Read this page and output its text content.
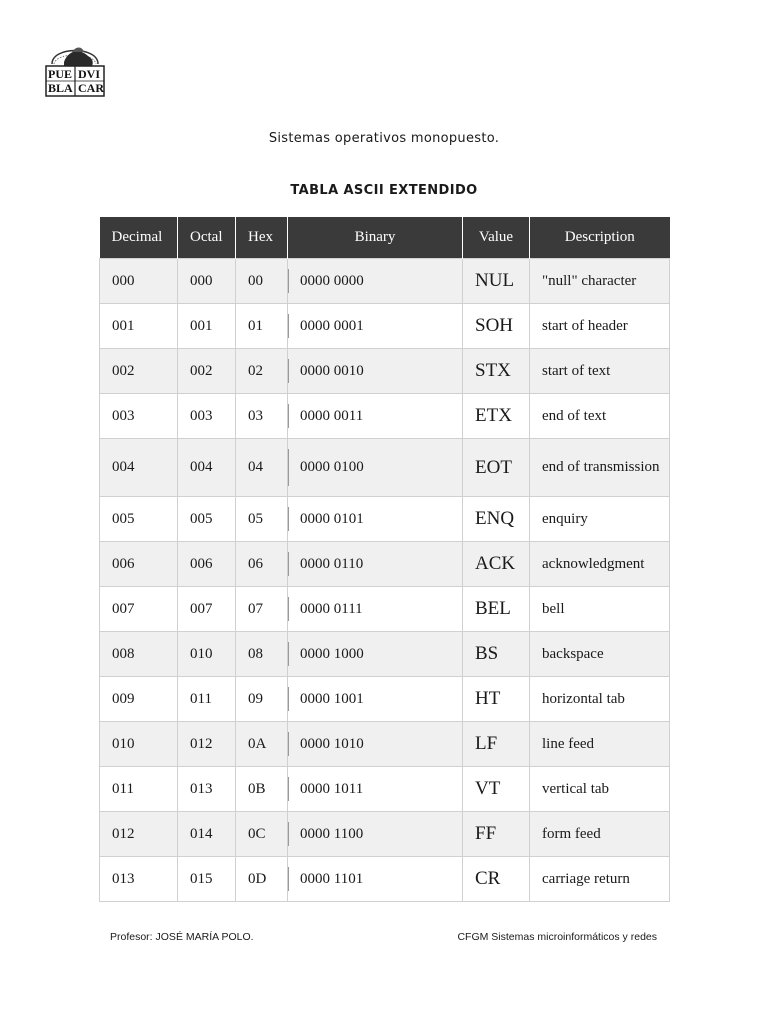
PUE DVI
BLA CAR
Sistemas operativos monopuesto.
TABLA ASCII EXTENDIDO
Decimal	Octal	Hex	Binary	Value	Description
000	000	00	0000 0000	NUL	"null" character
001	001	01	0000 0001	SOH	start of header
002	002	02	0000 0010	STX	start of text
003	003	03	0000 0011	ETX	end of text
004	004	04	0000 0100	EOT	end of transmission
005	005	05	0000 0101	ENQ	enquiry
006	006	06	0000 0110	ACK	acknowledgment
007	007	07	0000 0111	BEL	bell
008	010	08	0000 1000	BS	backspace
009	011	09	0000 1001	HT	horizontal tab
010	012	0A	0000 1010	LF	line feed
011	013	0B	0000 1011	VT	vertical tab
012	014	0C	0000 1100	FF	form feed
013	015	0D	0000 1101	CR	carriage return
Profesor: JOSÉ MARÍA POLO.	CFGM Sistemas microinformáticos y redes
